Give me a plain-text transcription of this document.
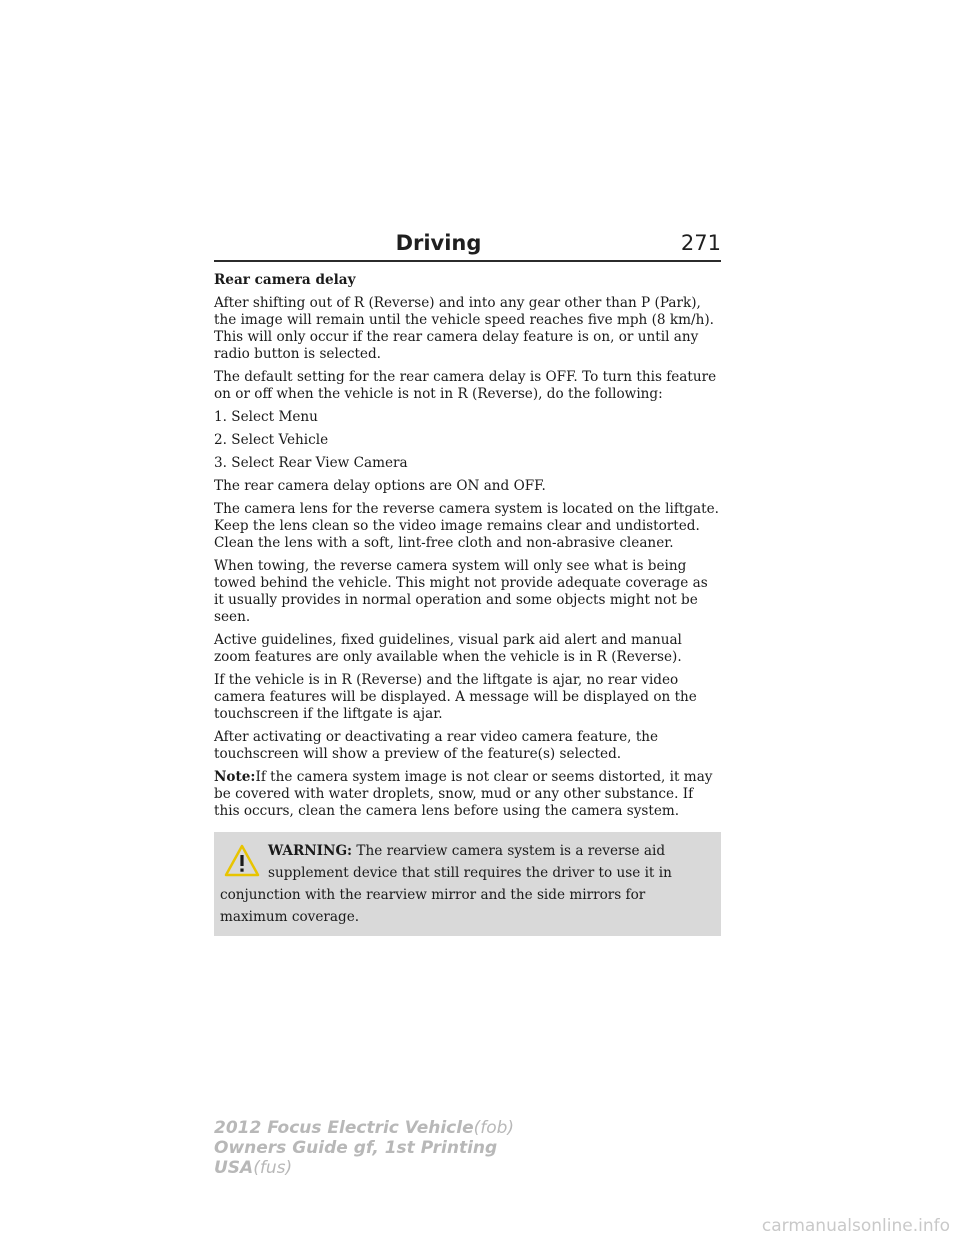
Driving	271
Rear camera delay

After shifting out of R (Reverse) and into any gear other than P (Park), the image will remain until the vehicle speed reaches five mph (8 km/h). This will only occur if the rear camera delay feature is on, or until any radio button is selected.

The default setting for the rear camera delay is OFF. To turn this feature on or off when the vehicle is not in R (Reverse), do the following:

1. Select Menu
2. Select Vehicle
3. Select Rear View Camera

The rear camera delay options are ON and OFF.

The camera lens for the reverse camera system is located on the liftgate. Keep the lens clean so the video image remains clear and undistorted. Clean the lens with a soft, lint-free cloth and non-abrasive cleaner.

When towing, the reverse camera system will only see what is being towed behind the vehicle. This might not provide adequate coverage as it usually provides in normal operation and some objects might not be seen.

Active guidelines, fixed guidelines, visual park aid alert and manual zoom features are only available when the vehicle is in R (Reverse).

If the vehicle is in R (Reverse) and the liftgate is ajar, no rear video camera features will be displayed. A message will be displayed on the touchscreen if the liftgate is ajar.

After activating or deactivating a rear video camera feature, the touchscreen will show a preview of the feature(s) selected.

Note:If the camera system image is not clear or seems distorted, it may be covered with water droplets, snow, mud or any other substance. If this occurs, clean the camera lens before using the camera system.

WARNING: The rearview camera system is a reverse aid supplement device that still requires the driver to use it in conjunction with the rearview mirror and the side mirrors for maximum coverage.
2012 Focus Electric Vehicle(fob)
Owners Guide gf, 1st Printing
USA(fus)
carmanualsonline.info
